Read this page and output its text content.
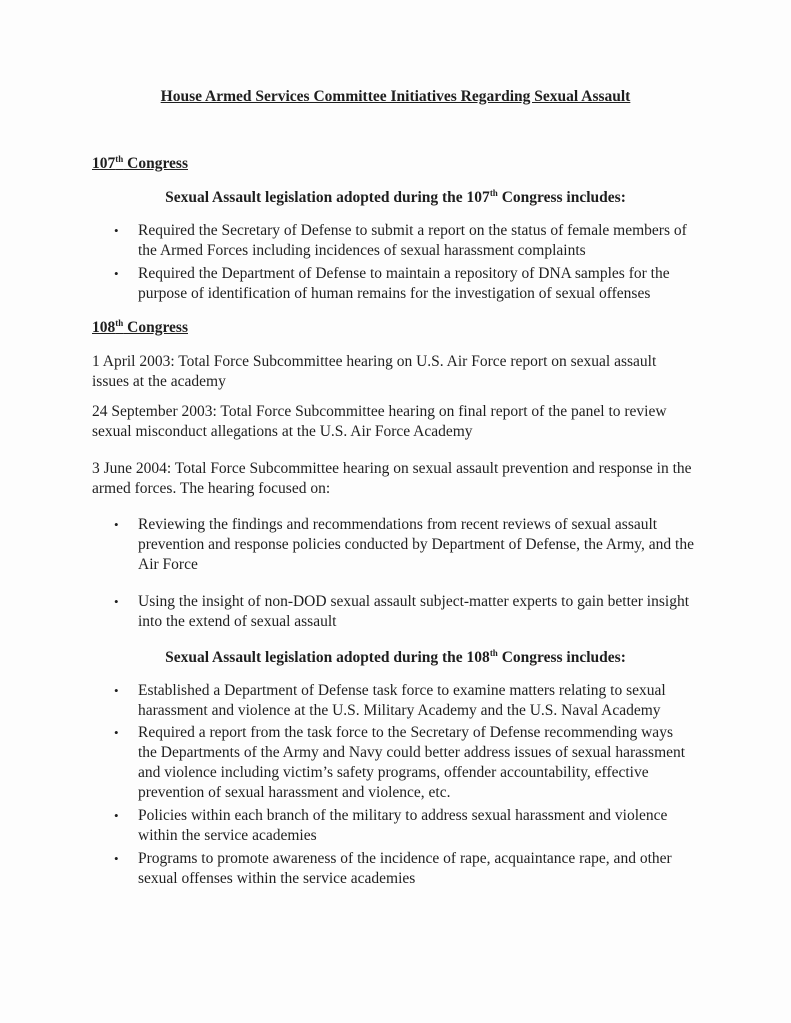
House Armed Services Committee Initiatives Regarding Sexual Assault
107th Congress
Sexual Assault legislation adopted during the 107th Congress includes:
• Required the Secretary of Defense to submit a report on the status of female members of the Armed Forces including incidences of sexual harassment complaints
• Required the Department of Defense to maintain a repository of DNA samples for the purpose of identification of human remains for the investigation of sexual offenses
108th Congress
1 April 2003: Total Force Subcommittee hearing on U.S. Air Force report on sexual assault issues at the academy
24 September 2003: Total Force Subcommittee hearing on final report of the panel to review sexual misconduct allegations at the U.S. Air Force Academy
3 June 2004: Total Force Subcommittee hearing on sexual assault prevention and response in the armed forces. The hearing focused on:
• Reviewing the findings and recommendations from recent reviews of sexual assault prevention and response policies conducted by Department of Defense, the Army, and the Air Force
• Using the insight of non-DOD sexual assault subject-matter experts to gain better insight into the extend of sexual assault
Sexual Assault legislation adopted during the 108th Congress includes:
• Established a Department of Defense task force to examine matters relating to sexual harassment and violence at the U.S. Military Academy and the U.S. Naval Academy
• Required a report from the task force to the Secretary of Defense recommending ways the Departments of the Army and Navy could better address issues of sexual harassment and violence including victim’s safety programs, offender accountability, effective prevention of sexual harassment and violence, etc.
• Policies within each branch of the military to address sexual harassment and violence within the service academies
• Programs to promote awareness of the incidence of rape, acquaintance rape, and other sexual offenses within the service academies
